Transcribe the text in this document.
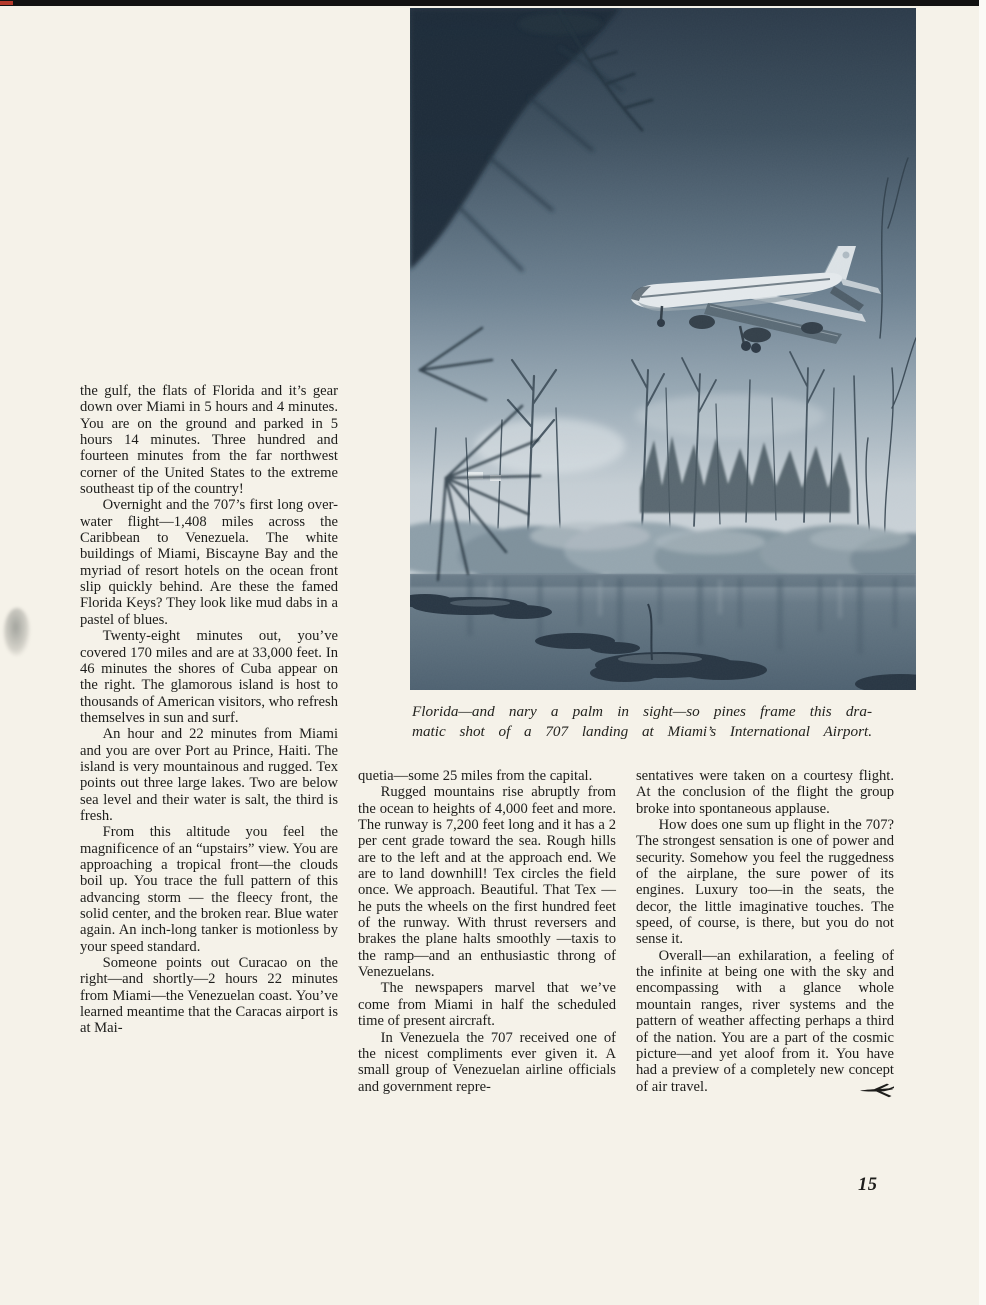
Florida—and nary a palm in sight—so pines frame this dra-
matic shot of a 707 landing at Miami’s International Airport.

the gulf, the flats of Florida and it’s gear down over Miami in 5 hours and 4 minutes. You are on the ground and parked in 5 hours 14 minutes. Three hundred and fourteen minutes from the far northwest corner of the United States to the extreme southeast tip of the country!

Overnight and the 707’s first long over-water flight—1,408 miles across the Caribbean to Venezuela. The white buildings of Miami, Biscayne Bay and the myriad of resort hotels on the ocean front slip quickly behind. Are these the famed Florida Keys? They look like mud dabs in a pastel of blues.

Twenty-eight minutes out, you’ve covered 170 miles and are at 33,000 feet. In 46 minutes the shores of Cuba appear on the right. The glamorous island is host to thousands of American visitors, who refresh themselves in sun and surf.

An hour and 22 minutes from Miami and you are over Port au Prince, Haiti. The island is very mountainous and rugged. Tex points out three large lakes. Two are below sea level and their water is salt, the third is fresh.

From this altitude you feel the magnificence of an “upstairs” view. You are approaching a tropical front—the clouds boil up. You trace the full pattern of this advancing storm — the fleecy front, the solid center, and the broken rear. Blue water again. An inch-long tanker is motionless by your speed standard.

Someone points out Curacao on the right—and shortly—2 hours 22 minutes from Miami—the Venezuelan coast. You’ve learned meantime that the Caracas airport is at Mai-

quetia—some 25 miles from the capital.

Rugged mountains rise abruptly from the ocean to heights of 4,000 feet and more. The runway is 7,200 feet long and it has a 2 per cent grade toward the sea. Rough hills are to the left and at the approach end. We are to land downhill! Tex circles the field once. We approach. Beautiful. That Tex — he puts the wheels on the first hundred feet of the runway. With thrust reversers and brakes the plane halts smoothly —taxis to the ramp—and an enthusiastic throng of Venezuelans.

The newspapers marvel that we’ve come from Miami in half the scheduled time of present aircraft.

In Venezuela the 707 received one of the nicest compliments ever given it. A small group of Venezuelan airline officials and government repre-

sentatives were taken on a courtesy flight. At the conclusion of the flight the group broke into spontaneous applause.

How does one sum up flight in the 707? The strongest sensation is one of power and security. Somehow you feel the ruggedness of the airplane, the sure power of its engines. Luxury too—in the seats, the decor, the little imaginative touches. The speed, of course, is there, but you do not sense it.

Overall—an exhilaration, a feeling of the infinite at being one with the sky and encompassing with a glance whole mountain ranges, river systems and the pattern of weather affecting perhaps a third of the nation. You are a part of the cosmic picture—and yet aloof from it. You have had a preview of a completely new concept of air travel.

15
